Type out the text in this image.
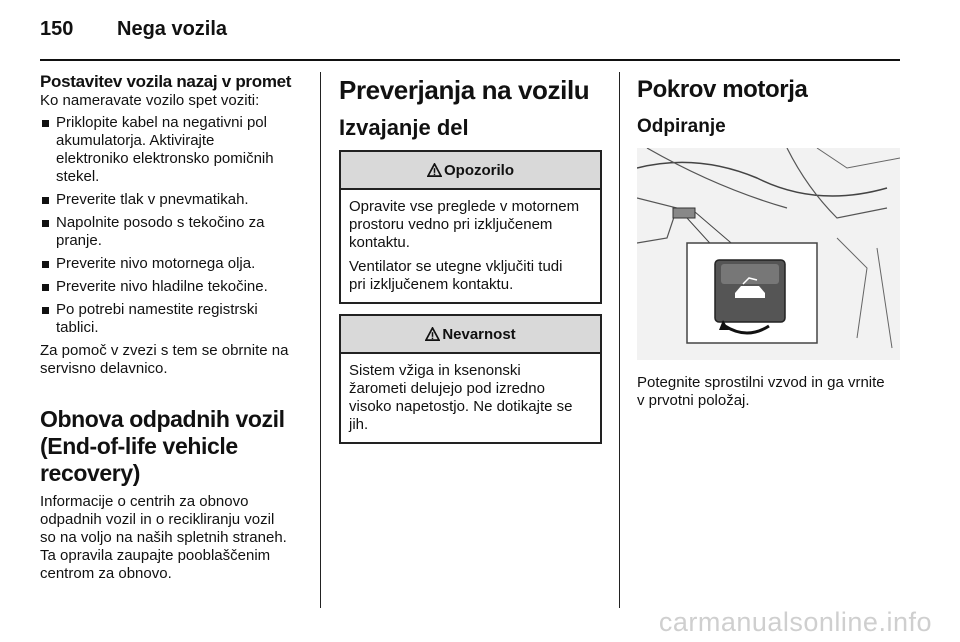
150 Nega vozila
Postavitev vozila nazaj v promet

Ko nameravate vozilo spet voziti:

Priklopite kabel na negativni pol
akumulatorja. Aktivirajte
elektroniko elektronsko pomičnih
stekel.
Preverite tlak v pnevmatikah.
Napolnite posodo s tekočino za
pranje.
Preverite nivo motornega olja.
Preverite nivo hladilne tekočine.
Po potrebi namestite registrski
tablici.

Za pomoč v zvezi s tem se obrnite na
servisno delavnico.

Obnova odpadnih vozil
(End-of-life vehicle
recovery)

Informacije o centrih za obnovo
odpadnih vozil in o recikliranju vozil
so na voljo na naših spletnih straneh.
Ta opravila zaupajte pooblaščenim
centrom za obnovo.

Preverjanja na vozilu
Izvajanje del
Opozorilo

Opravite vse preglede v motornem
prostoru vedno pri izključenem
kontaktu.

Ventilator se utegne vključiti tudi
pri izključenem kontaktu.

Nevarnost

Sistem vžiga in ksenonski
žarometi delujejo pod izredno
visoko napetostjo. Ne dotikajte se
jih.

Pokrov motorja
Odpiranje

Potegnite sprostilni vzvod in ga vrnite
v prvotni položaj.

carmanualsonline.info
